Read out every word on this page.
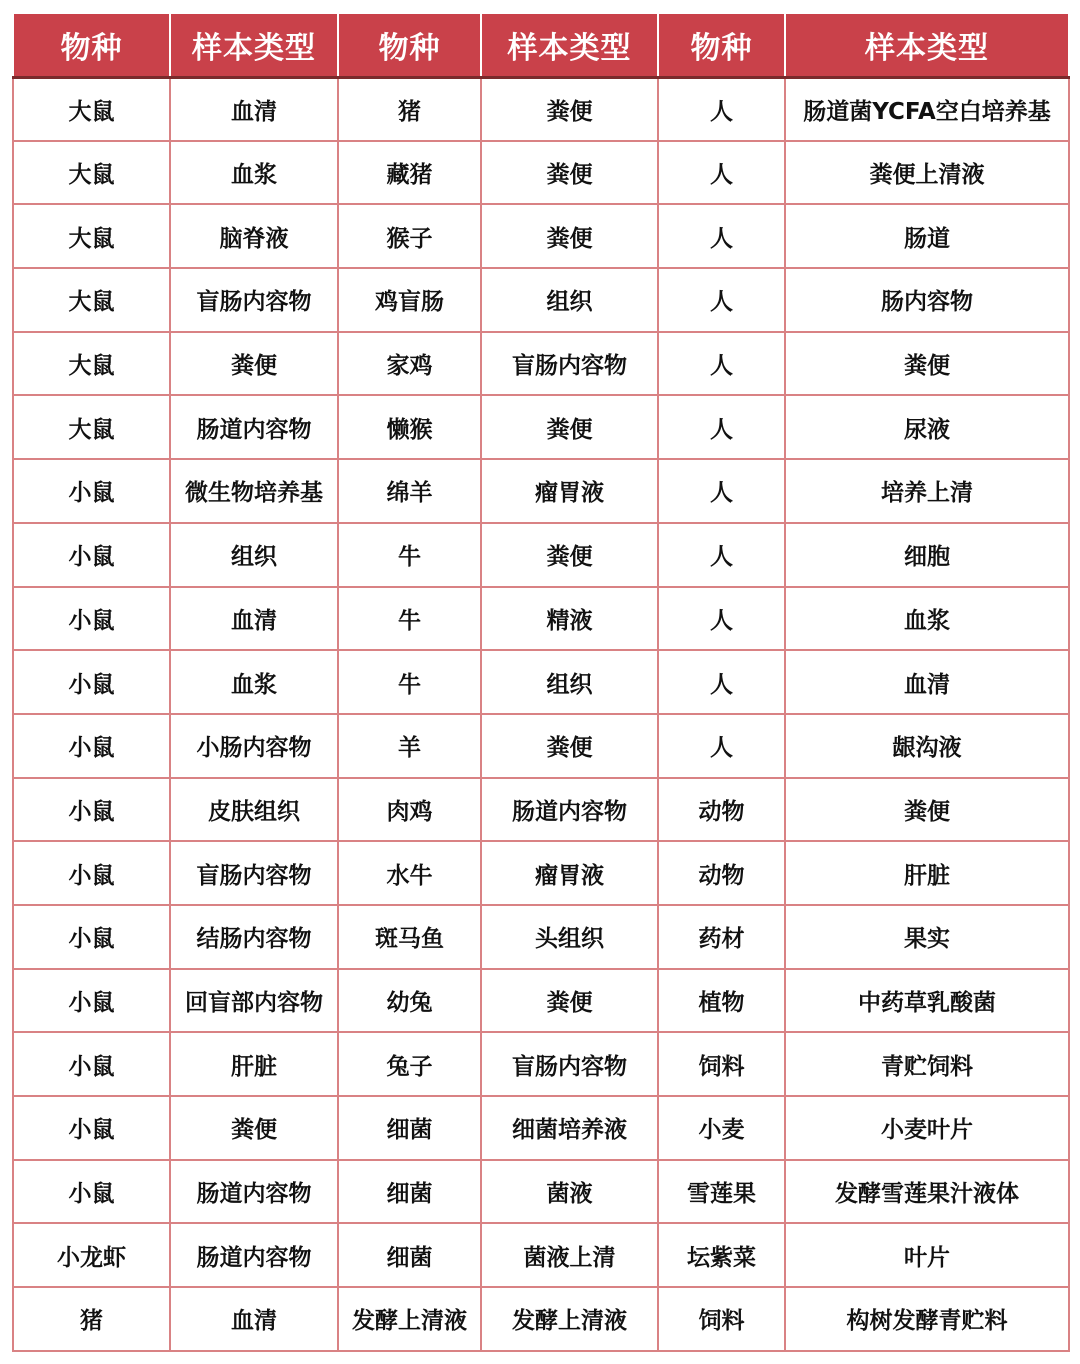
物种	样本类型	物种	样本类型	物种	样本类型
大鼠	血清	猪	粪便	人	肠道菌YCFA空白培养基
大鼠	血浆	藏猪	粪便	人	粪便上清液
大鼠	脑脊液	猴子	粪便	人	肠道
大鼠	盲肠内容物	鸡盲肠	组织	人	肠内容物
大鼠	粪便	家鸡	盲肠内容物	人	粪便
大鼠	肠道内容物	懒猴	粪便	人	尿液
小鼠	微生物培养基	绵羊	瘤胃液	人	培养上清
小鼠	组织	牛	粪便	人	细胞
小鼠	血清	牛	精液	人	血浆
小鼠	血浆	牛	组织	人	血清
小鼠	小肠内容物	羊	粪便	人	龈沟液
小鼠	皮肤组织	肉鸡	肠道内容物	动物	粪便
小鼠	盲肠内容物	水牛	瘤胃液	动物	肝脏
小鼠	结肠内容物	斑马鱼	头组织	药材	果实
小鼠	回盲部内容物	幼兔	粪便	植物	中药草乳酸菌
小鼠	肝脏	兔子	盲肠内容物	饲料	青贮饲料
小鼠	粪便	细菌	细菌培养液	小麦	小麦叶片
小鼠	肠道内容物	细菌	菌液	雪莲果	发酵雪莲果汁液体
小龙虾	肠道内容物	细菌	菌液上清	坛紫菜	叶片
猪	血清	发酵上清液	发酵上清液	饲料	构树发酵青贮料
